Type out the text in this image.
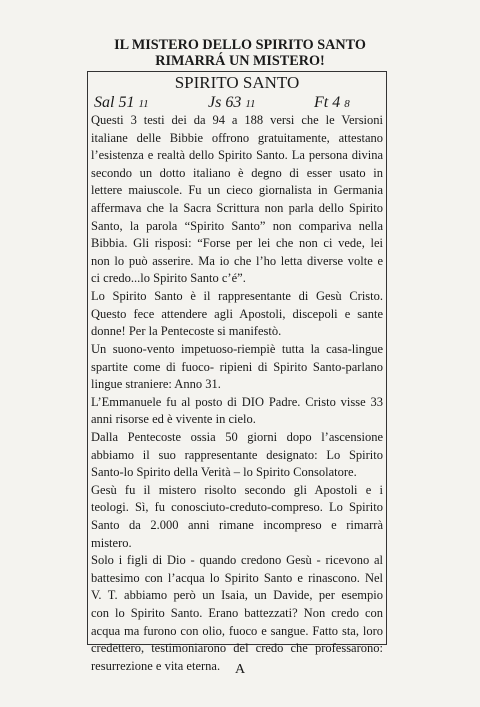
IL MISTERO DELLO SPIRITO SANTO
RIMARRÁ UN MISTERO!
SPIRITO SANTO
Sal 51 11	Js 63 11	Ft 4 8
Questi 3 testi dei da 94 a 188 versi che le Versioni
italiane delle Bibbie offrono gratuitamente, attestano
l’esistenza e realtà dello Spirito Santo. La persona divina
secondo un dotto italiano è degno di esser usato in
lettere maiuscole. Fu un cieco giornalista in Germania
affermava che la Sacra Scrittura non parla dello Spirito
Santo, la parola “Spirito Santo” non compariva nella
Bibbia. Gli risposi: “Forse per lei che non ci vede, lei
non lo può asserire. Ma io che l’ho letta diverse volte e
ci credo...lo Spirito Santo c’é”.
Lo Spirito Santo è il rappresentante di Gesù Cristo.
Questo fece attendere agli Apostoli, discepoli e sante
donne! Per la Pentecoste si manifestò.
Un suono-vento impetuoso-riempiè tutta la casa-lingue
spartite come di fuoco- ripieni di Spirito Santo-parlano
lingue straniere: Anno 31.
L’Emmanuele fu al posto di DIO Padre. Cristo visse 33
anni risorse ed è vivente in cielo.
Dalla Pentecoste ossia 50 giorni dopo l’ascensione
abbiamo il suo rappresentante designato: Lo Spirito
Santo-lo Spirito della Verità – lo Spirito Consolatore.
Gesù fu il mistero risolto secondo gli Apostoli e i
teologi. Sì, fu conosciuto-creduto-compreso. Lo Spirito
Santo da 2.000 anni rimane incompreso e rimarrà
mistero.
Solo i figli di Dio - quando credono Gesù - ricevono al
battesimo con l’acqua lo Spirito Santo e rinascono. Nel
V. T. abbiamo però un Isaia, un Davide, per esempio
con lo Spirito Santo. Erano battezzati? Non credo con
acqua ma furono con olio, fuoco e sangue. Fatto sta, loro
credettero, testimoniarono del credo che professarono:
resurrezione e vita eterna.	A
